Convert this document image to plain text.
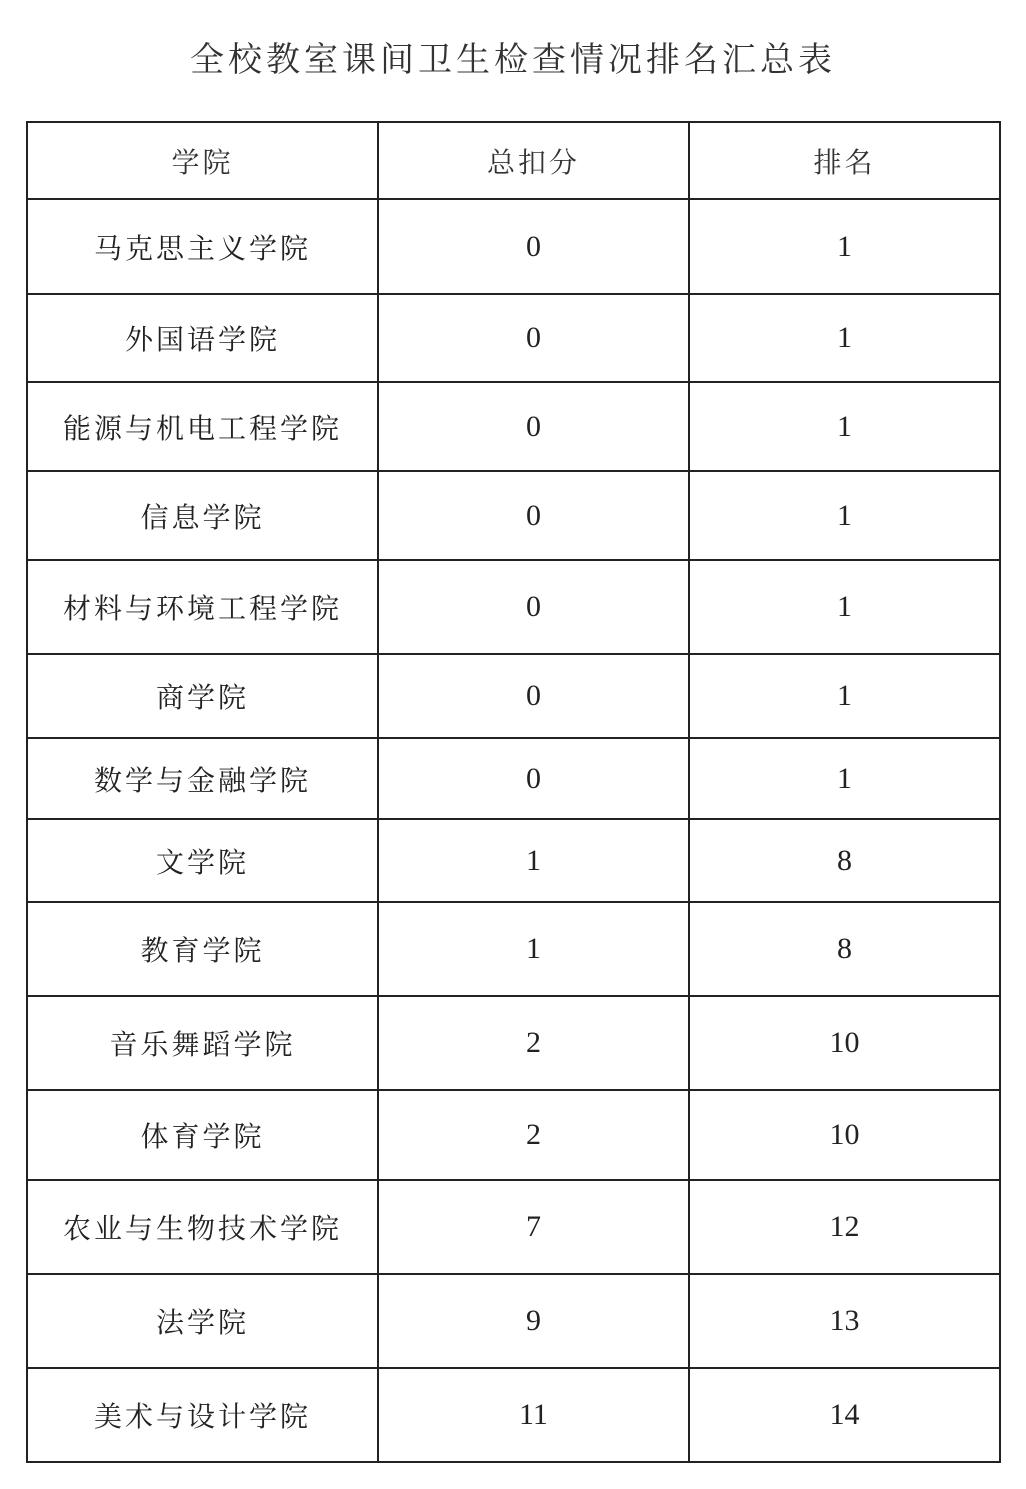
全校教室课间卫生检查情况排名汇总表
学院	总扣分	排名
马克思主义学院	0	1
外国语学院	0	1
能源与机电工程学院	0	1
信息学院	0	1
材料与环境工程学院	0	1
商学院	0	1
数学与金融学院	0	1
文学院	1	8
教育学院	1	8
音乐舞蹈学院	2	10
体育学院	2	10
农业与生物技术学院	7	12
法学院	9	13
美术与设计学院	11	14
